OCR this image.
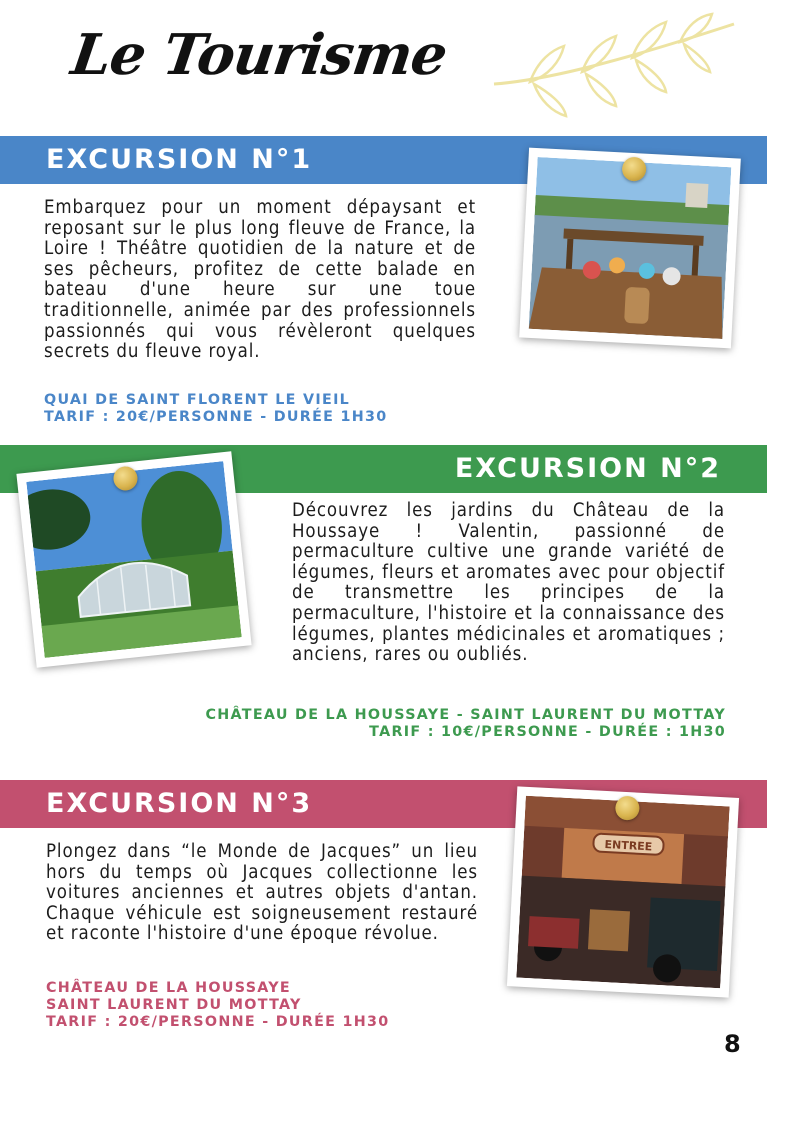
Le Tourisme
EXCURSION N°1
Embarquez pour un moment dépaysant et reposant sur le plus long fleuve de France, la Loire ! Théâtre quotidien de la nature et de ses pêcheurs, profitez de cette balade en bateau d'une heure sur une toue traditionnelle, animée par des professionnels passionnés qui vous révèleront quelques secrets du fleuve royal.
QUAI DE SAINT FLORENT LE VIEIL
TARIF : 20€/PERSONNE - DURÉE 1H30
EXCURSION N°2
Découvrez les jardins du Château de la Houssaye ! Valentin, passionné de permaculture cultive une grande variété de légumes, fleurs et aromates avec pour objectif de transmettre les principes de la permaculture, l'histoire et la connaissance des légumes, plantes médicinales et aromatiques ; anciens, rares ou oubliés.
CHÂTEAU DE LA HOUSSAYE - SAINT LAURENT DU MOTTAY
TARIF : 10€/PERSONNE - DURÉE : 1H30
EXCURSION N°3
Plongez dans “le Monde de Jacques” un lieu hors du temps où Jacques collectionne les voitures anciennes et autres objets d'antan. Chaque véhicule est soigneusement restauré et raconte l'histoire d'une époque révolue.
CHÂTEAU DE LA HOUSSAYE
SAINT LAURENT DU MOTTAY
TARIF : 20€/PERSONNE - DURÉE 1H30
ENTREE
8
